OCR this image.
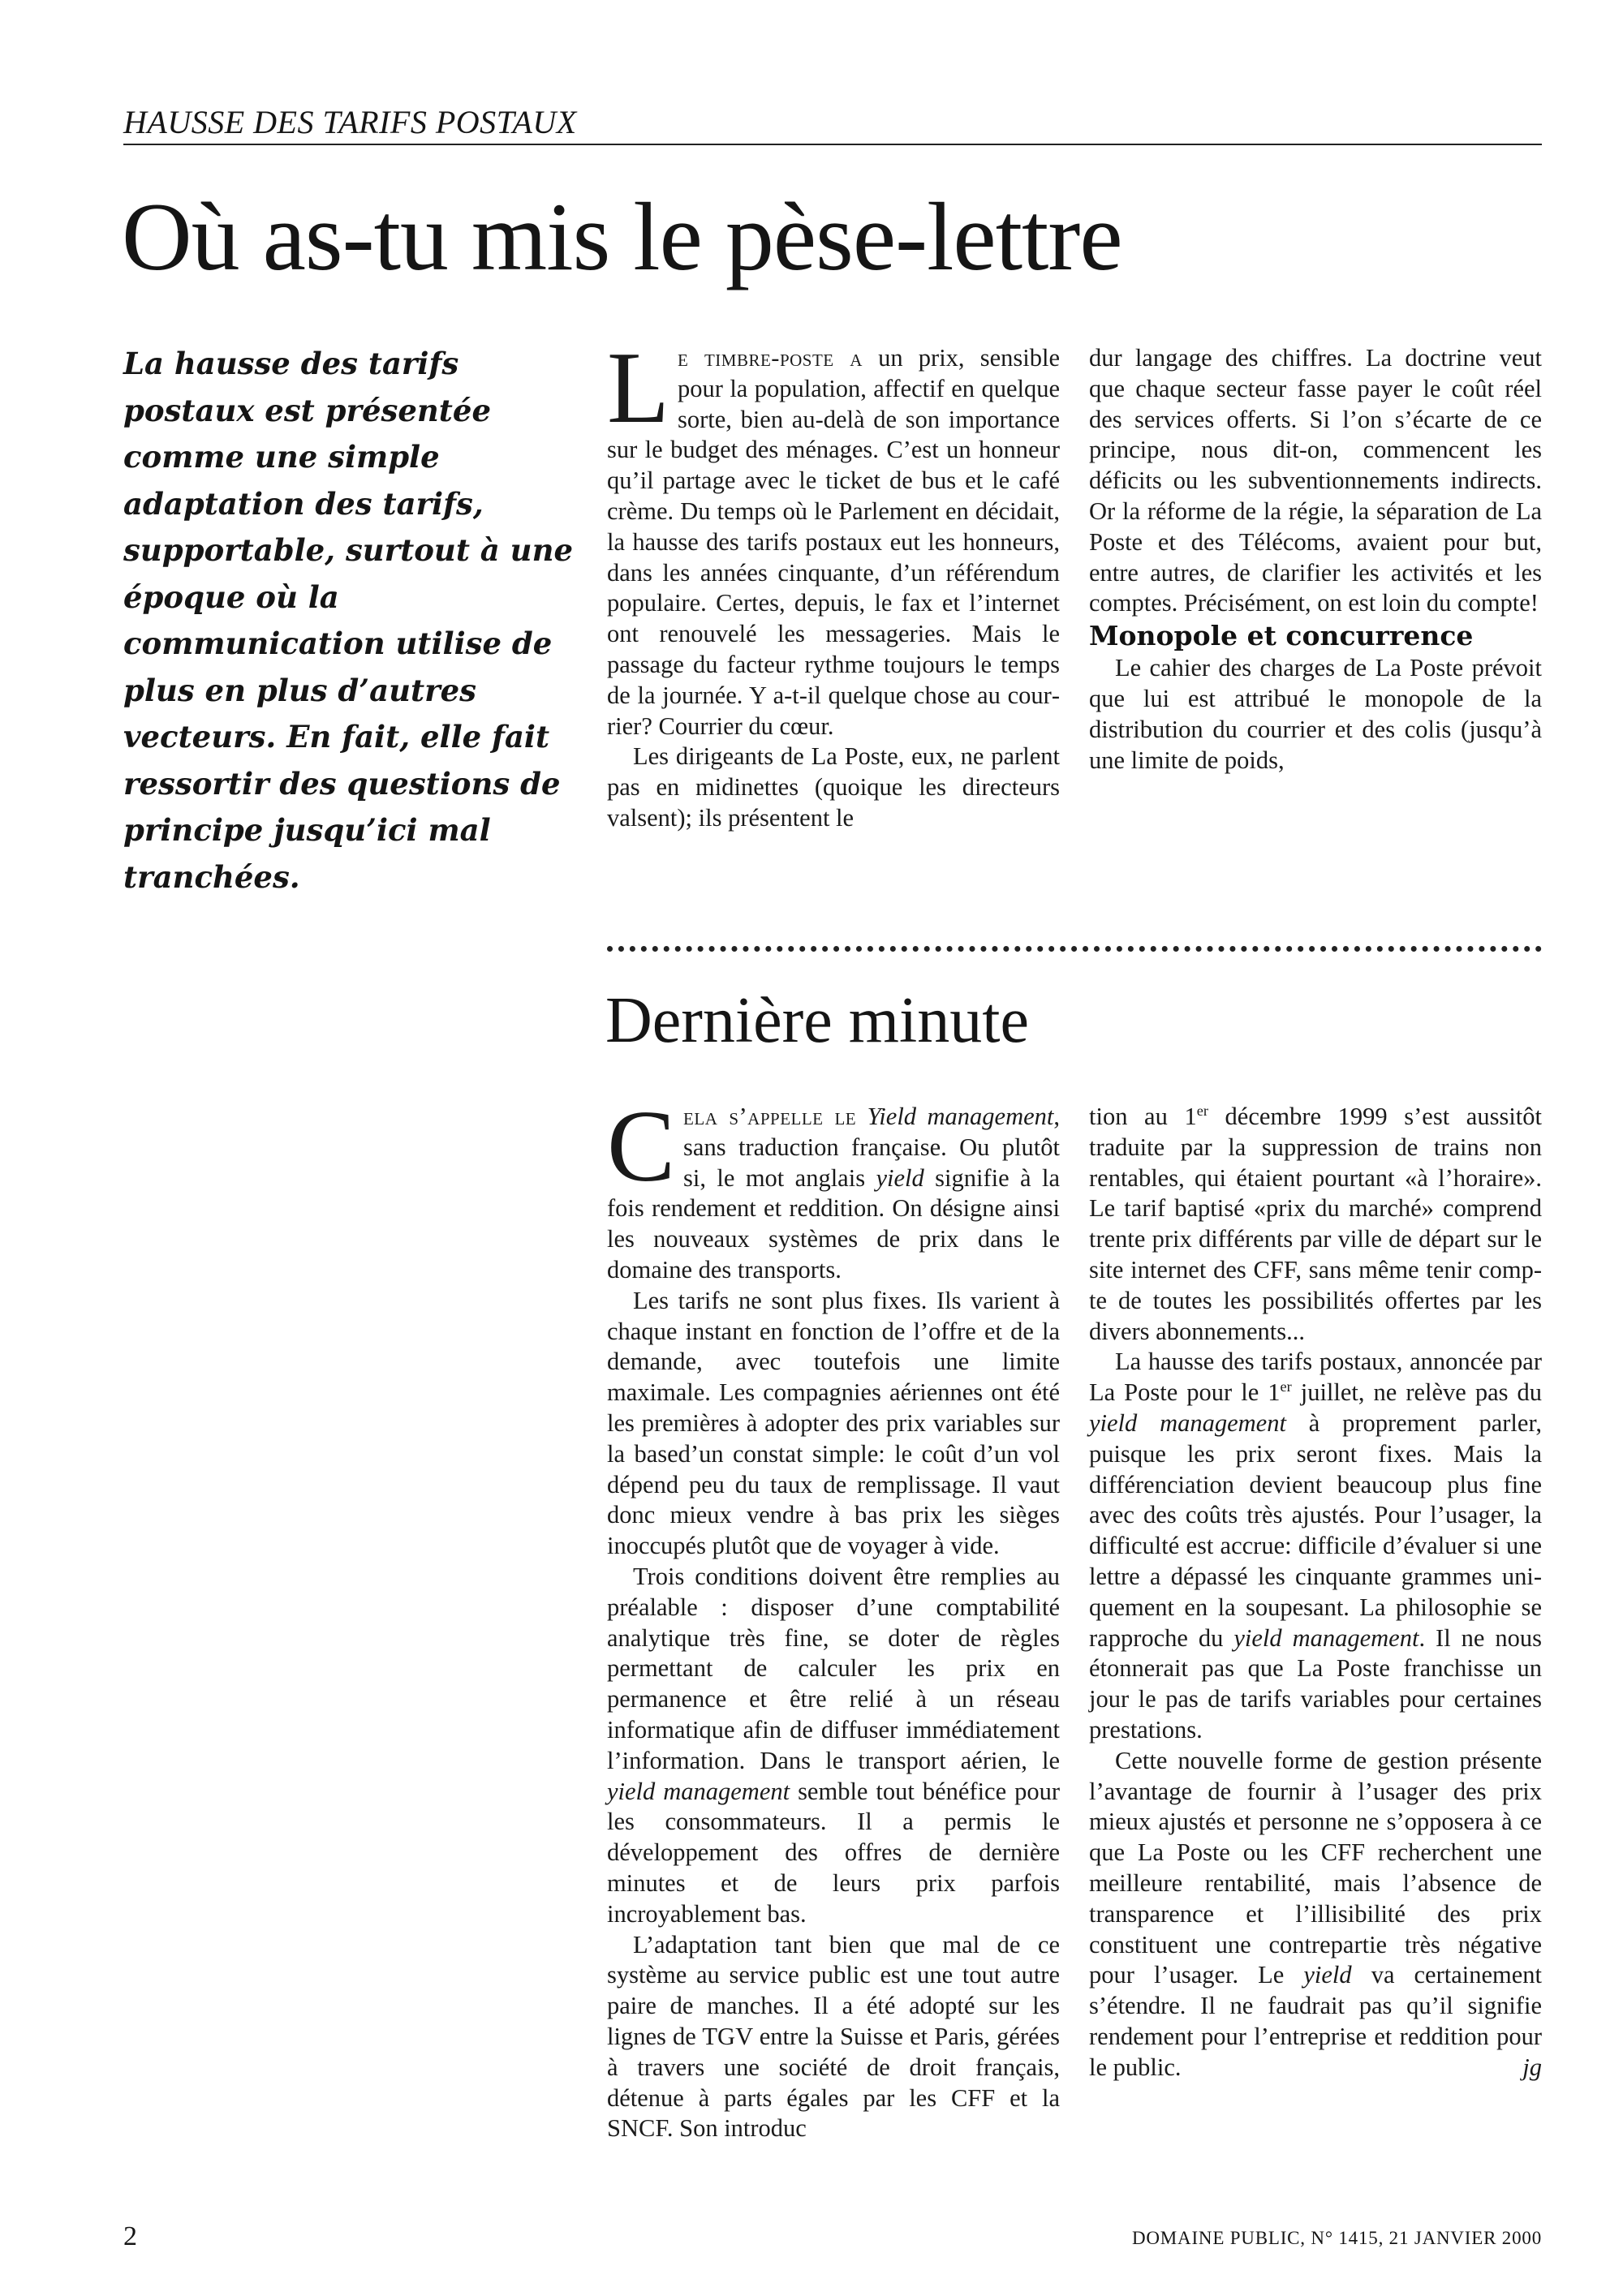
HAUSSE DES TARIFS POSTAUX
Où as-tu mis le pèse-lettre

La hausse des tarifs postaux est présentée comme une simple adaptation des tarifs, supportable, surtout à une époque où la communication utilise de plus en plus d’autres vecteurs. En fait, elle fait ressortir des questions de principe jusqu’ici mal tranchées.

Le timbre-poste a un prix, sensible pour la population, affectif en quelque sorte, bien au-delà de son importance sur le budget des ménages. C’est un honneur qu’il partage avec le ticket de bus et le café crème. Du temps où le Parlement en décidait, la hausse des tarifs postaux eut les honneurs, dans les années cinquante, d’un référendum populaire. Certes, depuis, le fax et l’internet ont renouvelé les messageries. Mais le passage du facteur rythme toujours le temps de la journée. Y a-t-il quelque chose au courrier? Courrier du cœur.

Les dirigeants de La Poste, eux, ne parlent pas en midinettes (quoique les directeurs valsent); ils présentent le

dur langage des chiffres. La doctrine veut que chaque secteur fasse payer le coût réel des services offerts. Si l’on s’écarte de ce principe, nous dit-on, commencent les déficits ou les subventionnements indirects. Or la réforme de la régie, la séparation de La Poste et des Télécoms, avaient pour but, entre autres, de clarifier les activités et les comptes. Précisément, on est loin du compte!

Monopole et concurrence

Le cahier des charges de La Poste prévoit que lui est attribué le monopole de la distribution du courrier et des colis (jusqu’à une limite de poids,

Dernière minute

Cela s’appelle le Yield management, sans traduction française. Ou plutôt si, le mot anglais yield signifie à la fois rendement et reddition. On désigne ainsi les nouveaux systèmes de prix dans le domaine des transports.

Les tarifs ne sont plus fixes. Ils varient à chaque instant en fonction de l’offre et de la demande, avec toutefois une limite maximale. Les compagnies aériennes ont été les premières à adopter des prix variables sur la based’un constat simple: le coût d’un vol dépend peu du taux de remplissage. Il vaut donc mieux vendre à bas prix les sièges inoccupés plutôt que de voyager à vide.

Trois conditions doivent être remplies au préalable : disposer d’une comptabilité analytique très fine, se doter de règles permettant de calculer les prix en permanence et être relié à un réseau informatique afin de diffuser immédiatement l’information. Dans le transport aérien, le yield management semble tout bénéfice pour les consommateurs. Il a permis le développement des offres de dernière minutes et de leurs prix parfois incroyablement bas.

L’adaptation tant bien que mal de ce système au service public est une tout autre paire de manches. Il a été adopté sur les lignes de TGV entre la Suisse et Paris, gérées à travers une société de droit français, détenue à parts égales par les CFF et la SNCF. Son introduc

tion au 1er décembre 1999 s’est aussitôt traduite par la suppression de trains non rentables, qui étaient pourtant «à l’horaire». Le tarif baptisé «prix du marché» comprend trente prix différents par ville de départ sur le site internet des CFF, sans même tenir compte de toutes les possibilités offertes par les divers abonnements...

La hausse des tarifs postaux, annoncée par La Poste pour le 1er juillet, ne relève pas du yield management à proprement parler, puisque les prix seront fixes. Mais la différenciation devient beaucoup plus fine avec des coûts très ajustés. Pour l’usager, la difficulté est accrue: difficile d’évaluer si une lettre a dépassé les cinquante grammes uniquement en la soupesant. La philosophie se rapproche du yield management. Il ne nous étonnerait pas que La Poste franchisse un jour le pas de tarifs variables pour certaines prestations.

Cette nouvelle forme de gestion présente l’avantage de fournir à l’usager des prix mieux ajustés et personne ne s’opposera à ce que La Poste ou les CFF recherchent une meilleure rentabilité, mais l’absence de transparence et l’illisibilité des prix constituent une contrepartie très négative pour l’usager. Le yield va certainement s’étendre. Il ne faudrait pas qu’il signifie rendement pour l’entreprise et reddition pour le public.	jg

2	DOMAINE PUBLIC, N° 1415, 21 JANVIER 2000
